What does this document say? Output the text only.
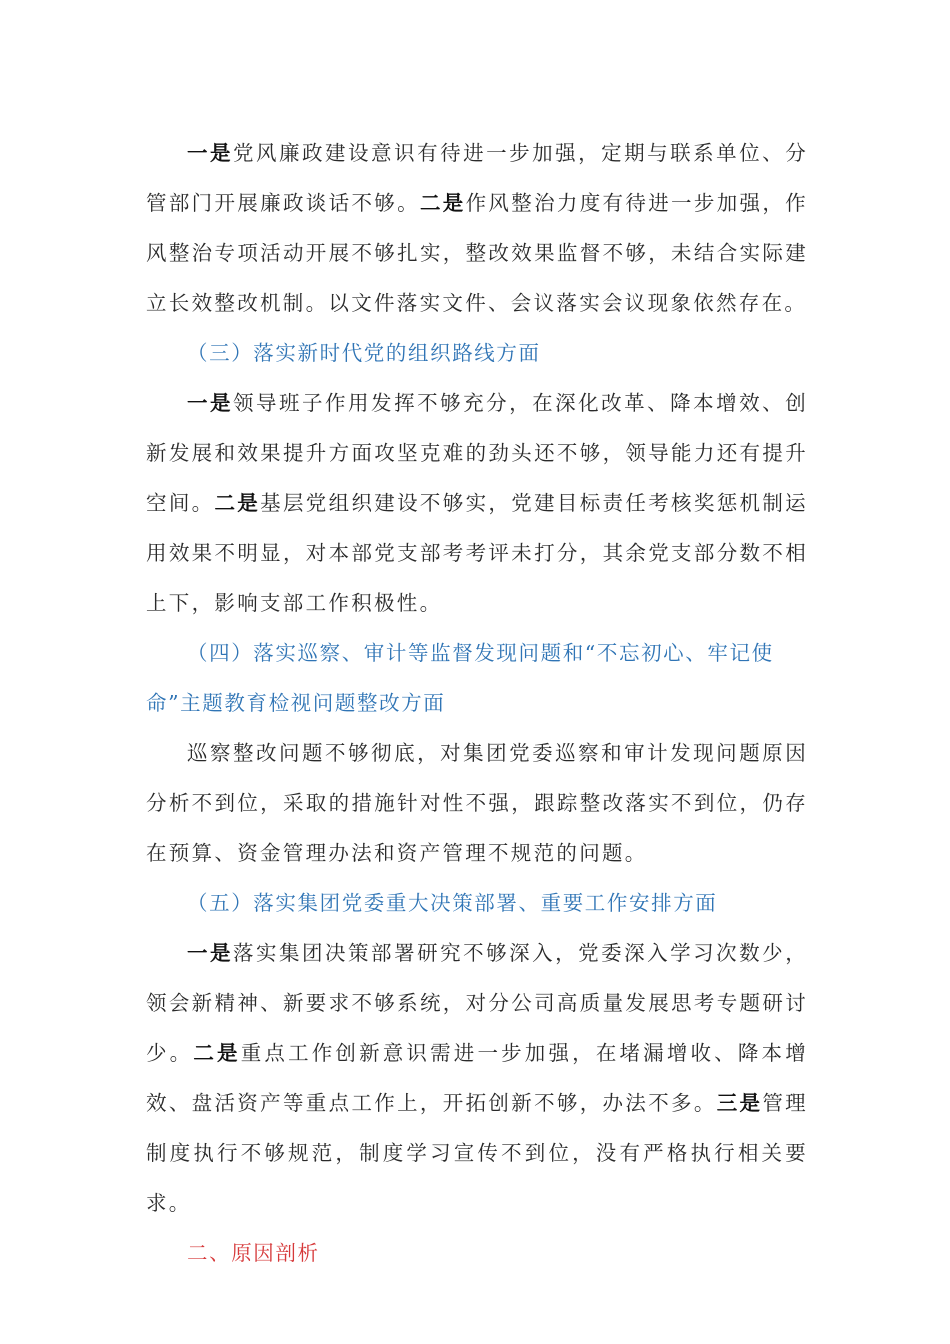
一是党风廉政建设意识有待进一步加强，定期与联系单位、分管部门开展廉政谈话不够。二是作风整治力度有待进一步加强，作风整治专项活动开展不够扎实，整改效果监督不够，未结合实际建立长效整改机制。以文件落实文件、会议落实会议现象依然存在。

（三）落实新时代党的组织路线方面

一是领导班子作用发挥不够充分，在深化改革、降本增效、创新发展和效果提升方面攻坚克难的劲头还不够，领导能力还有提升空间。二是基层党组织建设不够实，党建目标责任考核奖惩机制运用效果不明显，对本部党支部考考评未打分，其余党支部分数不相上下，影响支部工作积极性。

（四）落实巡察、审计等监督发现问题和“不忘初心、牢记使命”主题教育检视问题整改方面

巡察整改问题不够彻底，对集团党委巡察和审计发现问题原因分析不到位，采取的措施针对性不强，跟踪整改落实不到位，仍存在预算、资金管理办法和资产管理不规范的问题。

（五）落实集团党委重大决策部署、重要工作安排方面

一是落实集团决策部署研究不够深入，党委深入学习次数少，领会新精神、新要求不够系统，对分公司高质量发展思考专题研讨少。二是重点工作创新意识需进一步加强，在堵漏增收、降本增效、盘活资产等重点工作上，开拓创新不够，办法不多。三是管理制度执行不够规范，制度学习宣传不到位，没有严格执行相关要求。

二、原因剖析
